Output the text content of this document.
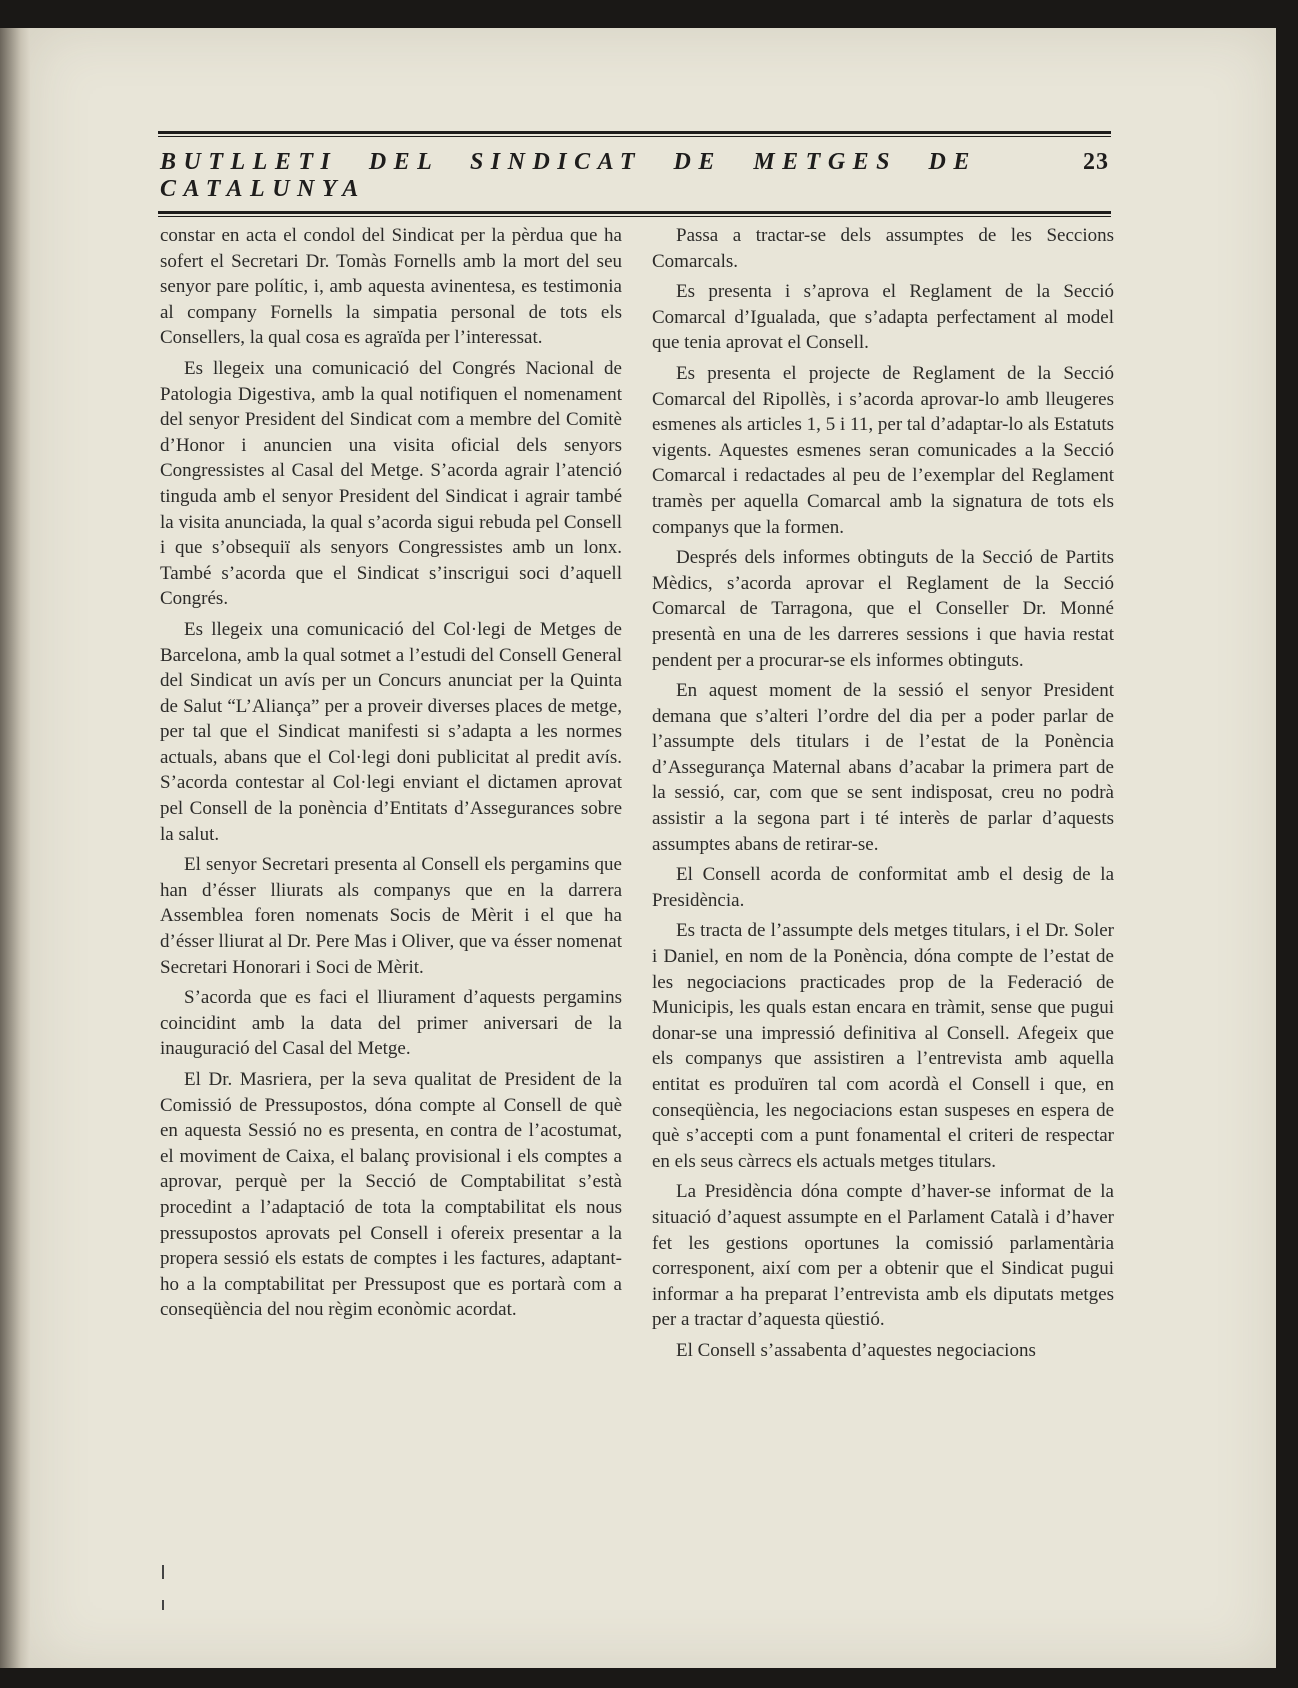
BUTLLETI DEL SINDICAT DE METGES DE CATALUNYA
23

constar en acta el condol del Sindicat per la pèrdua que ha sofert el Secretari Dr. Tomàs Fornells amb la mort del seu senyor pare polític, i, amb aquesta avinentesa, es testimonia al company Fornells la simpatia personal de tots els Consellers, la qual cosa es agraïda per l’interessat.

Es llegeix una comunicació del Congrés Nacional de Patologia Digestiva, amb la qual notifiquen el nomenament del senyor President del Sindicat com a membre del Comitè d’Honor i anuncien una visita oficial dels senyors Congressistes al Casal del Metge. S’acorda agrair l’atenció tinguda amb el senyor President del Sindicat i agrair també la visita anunciada, la qual s’acorda sigui rebuda pel Consell i que s’obsequiï als senyors Congressistes amb un lonx. També s’acorda que el Sindicat s’inscrigui soci d’aquell Congrés.

Es llegeix una comunicació del Col·legi de Metges de Barcelona, amb la qual sotmet a l’estudi del Consell General del Sindicat un avís per un Concurs anunciat per la Quinta de Salut “L’Aliança” per a proveir diverses places de metge, per tal que el Sindicat manifesti si s’adapta a les normes actuals, abans que el Col·legi doni publicitat al predit avís. S’acorda contestar al Col·legi enviant el dictamen aprovat pel Consell de la ponència d’Entitats d’Assegurances sobre la salut.

El senyor Secretari presenta al Consell els pergamins que han d’ésser lliurats als companys que en la darrera Assemblea foren nomenats Socis de Mèrit i el que ha d’ésser lliurat al Dr. Pere Mas i Oliver, que va ésser nomenat Secretari Honorari i Soci de Mèrit.

S’acorda que es faci el lliurament d’aquests pergamins coincidint amb la data del primer aniversari de la inauguració del Casal del Metge.

El Dr. Masriera, per la seva qualitat de President de la Comissió de Pressupostos, dóna compte al Consell de què en aquesta Sessió no es presenta, en contra de l’acostumat, el moviment de Caixa, el balanç provisional i els comptes a aprovar, perquè per la Secció de Comptabilitat s’està procedint a l’adaptació de tota la comptabilitat els nous pressupostos aprovats pel Consell i ofereix presentar a la propera sessió els estats de comptes i les factures, adaptant-ho a la comptabilitat per Pressupost que es portarà com a conseqüència del nou règim econòmic acordat.

Passa a tractar-se dels assumptes de les Seccions Comarcals.

Es presenta i s’aprova el Reglament de la Secció Comarcal d’Igualada, que s’adapta perfectament al model que tenia aprovat el Consell.

Es presenta el projecte de Reglament de la Secció Comarcal del Ripollès, i s’acorda aprovar-lo amb lleugeres esmenes als articles 1, 5 i 11, per tal d’adaptar-lo als Estatuts vigents. Aquestes esmenes seran comunicades a la Secció Comarcal i redactades al peu de l’exemplar del Reglament tramès per aquella Comarcal amb la signatura de tots els companys que la formen.

Després dels informes obtinguts de la Secció de Partits Mèdics, s’acorda aprovar el Reglament de la Secció Comarcal de Tarragona, que el Conseller Dr. Monné presentà en una de les darreres sessions i que havia restat pendent per a procurar-se els informes obtinguts.

En aquest moment de la sessió el senyor President demana que s’alteri l’ordre del dia per a poder parlar de l’assumpte dels titulars i de l’estat de la Ponència d’Assegurança Maternal abans d’acabar la primera part de la sessió, car, com que se sent indisposat, creu no podrà assistir a la segona part i té interès de parlar d’aquests assumptes abans de retirar-se.

El Consell acorda de conformitat amb el desig de la Presidència.

Es tracta de l’assumpte dels metges titulars, i el Dr. Soler i Daniel, en nom de la Ponència, dóna compte de l’estat de les negociacions practicades prop de la Federació de Municipis, les quals estan encara en tràmit, sense que pugui donar-se una impressió definitiva al Consell. Afegeix que els companys que assistiren a l’entrevista amb aquella entitat es produïren tal com acordà el Consell i que, en conseqüència, les negociacions estan suspeses en espera de què s’accepti com a punt fonamental el criteri de respectar en els seus càrrecs els actuals metges titulars.

La Presidència dóna compte d’haver-se informat de la situació d’aquest assumpte en el Parlament Català i d’haver fet les gestions oportunes la comissió parlamentària corresponent, així com per a obtenir que el Sindicat pugui informar a ha preparat l’entrevista amb els diputats metges per a tractar d’aquesta qüestió.

El Consell s’assabenta d’aquestes negociacions
